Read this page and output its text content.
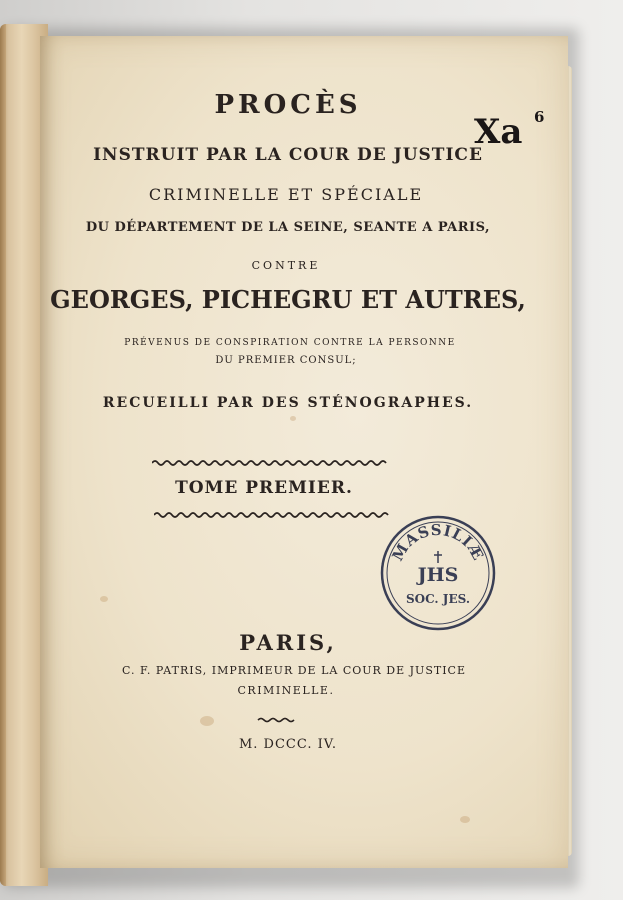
PROCÈS
INSTRUIT PAR LA COUR DE JUSTICE
CRIMINELLE ET SPÉCIALE
DU DÉPARTEMENT DE LA SEINE, SEANTE A PARIS,
CONTRE
GEORGES, PICHEGRU ET AUTRES,
PRÉVENUS DE CONSPIRATION CONTRE LA PERSONNE
DU PREMIER CONSUL;
RECUEILLI PAR DES STÉNOGRAPHES.
TOME PREMIER.
PARIS,
C. F. PATRIS, IMPRIMEUR DE LA COUR DE JUSTICE
CRIMINELLE.
M. DCCC. IV.
Xa 6
MASSILIÆ
JHS
SOC. JES.
